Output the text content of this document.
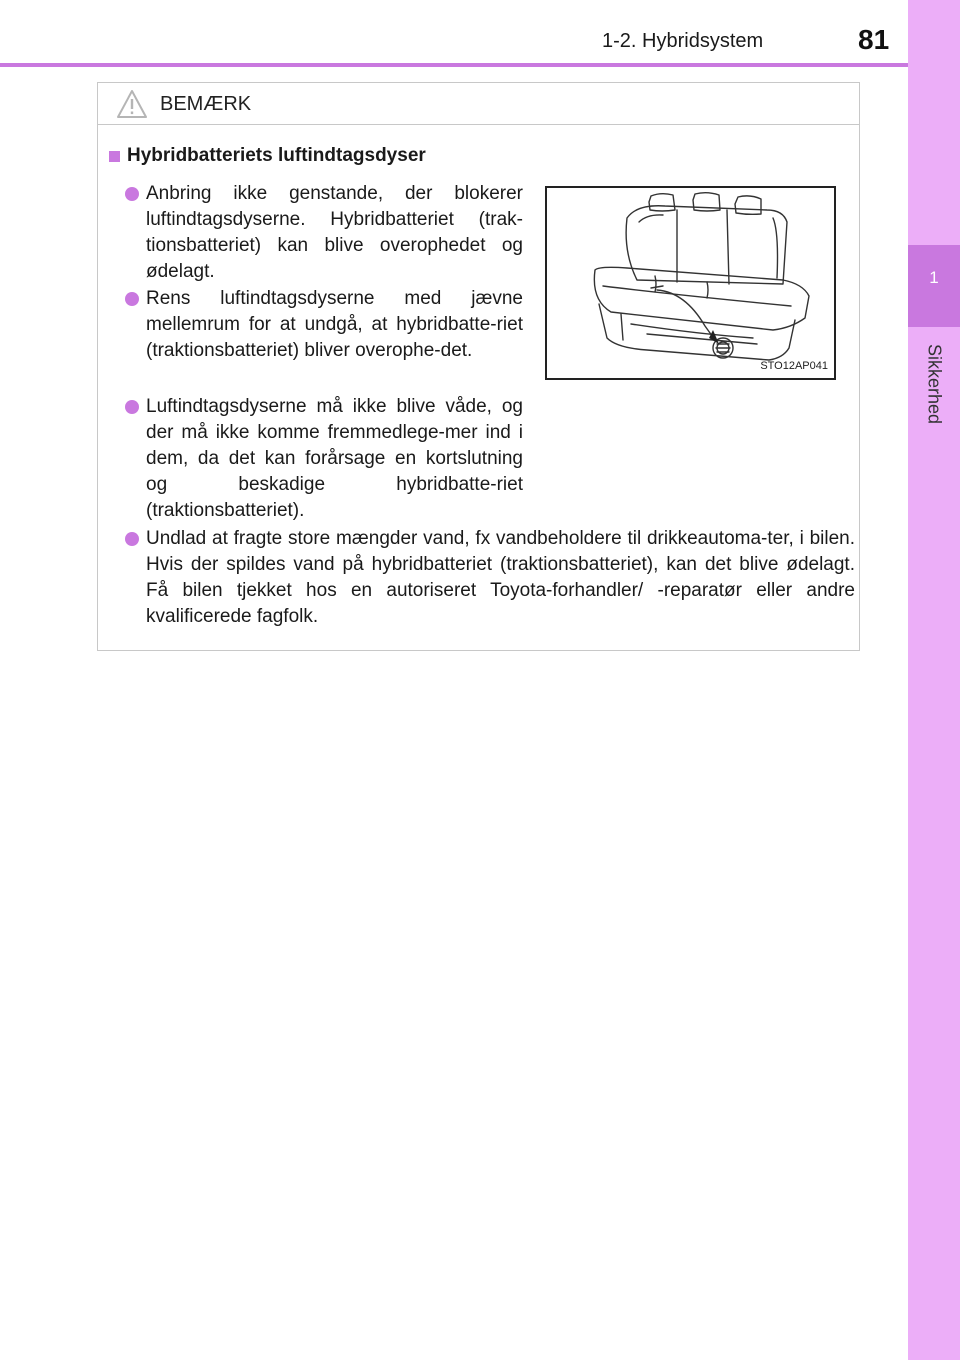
1
Sikkerhed
1-2. Hybridsystem	81
BEMÆRK
Hybridbatteriets luftindtagsdyser
Anbring ikke genstande, der blokerer luftindtagsdyserne. Hybridbatteriet (trak-tionsbatteriet) kan blive overophedet og ødelagt.
Rens luftindtagsdyserne med jævne mellemrum for at undgå, at hybridbatte-riet (traktionsbatteriet) bliver overophe-det.
Luftindtagsdyserne må ikke blive våde, og der må ikke komme fremmedlege-mer ind i dem, da det kan forårsage en kortslutning og beskadige hybridbatte-riet (traktionsbatteriet).
Undlad at fragte store mængder vand, fx vandbeholdere til drikkeautoma-ter, i bilen. Hvis der spildes vand på hybridbatteriet (traktionsbatteriet), kan det blive ødelagt. Få bilen tjekket hos en autoriseret Toyota-forhandler/ -reparatør eller andre kvalificerede fagfolk.
STO12AP041
